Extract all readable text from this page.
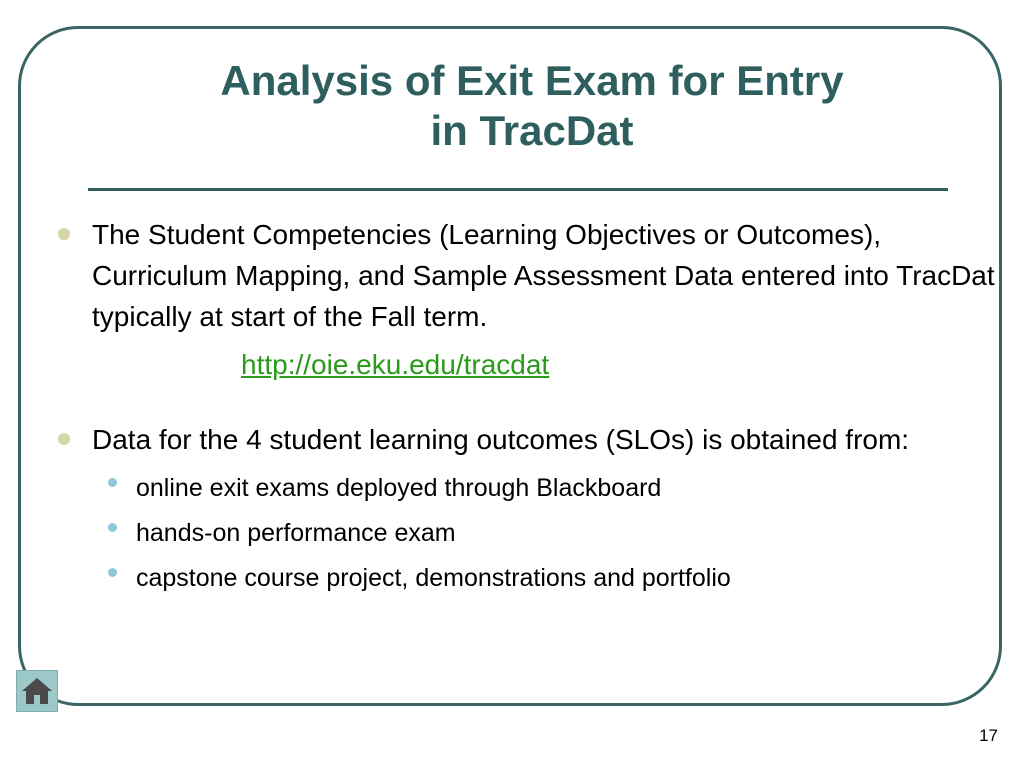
Analysis of Exit Exam for Entry
in TracDat
The Student Competencies (Learning Objectives or Outcomes), Curriculum Mapping, and Sample Assessment Data entered into TracDat typically at start of the Fall term.
http://oie.eku.edu/tracdat
Data for the 4 student learning outcomes (SLOs) is obtained from:
online exit exams deployed through Blackboard
hands-on performance exam
capstone course project, demonstrations and portfolio
17
